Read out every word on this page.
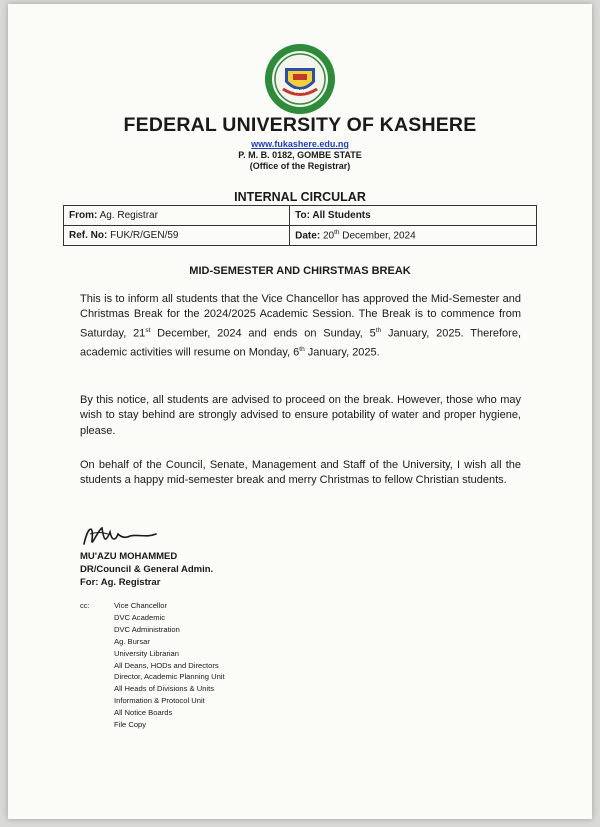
FUK
FEDERAL UNIVERSITY OF KASHERE
www.fukashere.edu.ng
P. M. B. 0182, GOMBE STATE
(Office of the Registrar)
INTERNAL CIRCULAR
From: Ag. Registrar	To: All Students
Ref. No: FUK/R/GEN/59	Date: 20th December, 2024
MID-SEMESTER AND CHIRSTMAS BREAK
This is to inform all students that the Vice Chancellor has approved the Mid-Semester and Christmas Break for the 2024/2025 Academic Session. The Break is to commence from Saturday, 21st December, 2024 and ends on Sunday, 5th January, 2025. Therefore, academic activities will resume on Monday, 6th January, 2025.
By this notice, all students are advised to proceed on the break. However, those who may wish to stay behind are strongly advised to ensure potability of water and proper hygiene, please.
On behalf of the Council, Senate, Management and Staff of the University, I wish all the students a happy mid-semester break and merry Christmas to fellow Christian students.
MU'AZU MOHAMMED
DR/Council & General Admin.
For: Ag. Registrar
cc:	Vice Chancellor
DVC Academic
DVC Administration
Ag. Bursar
University Librarian
All Deans, HODs and Directors
Director, Academic Planning Unit
All Heads of Divisions & Units
Information & Protocol Unit
All Notice Boards
File Copy
